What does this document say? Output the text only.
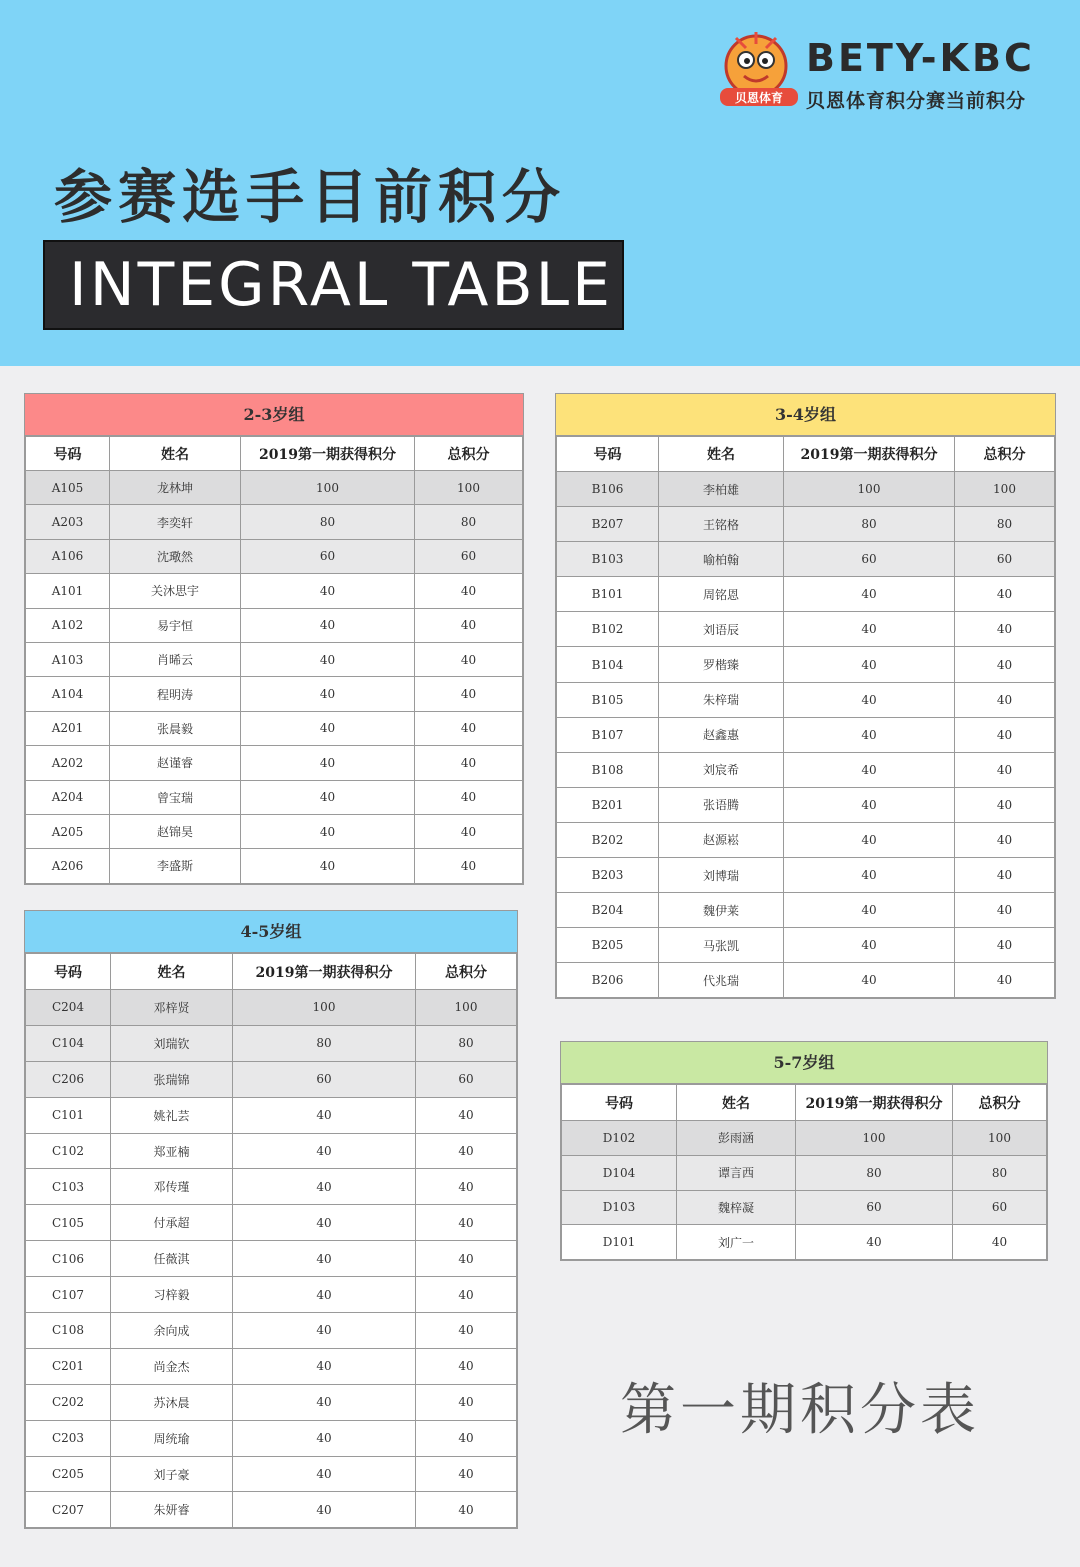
贝恩体育
BETY-KBC
贝恩体育积分赛当前积分
参赛选手目前积分
INTEGRAL TABLE
2-3岁组
号码	姓名	2019第一期获得积分	总积分
A105	龙林坤	100	100
A203	李奕轩	80	80
A106	沈璥然	60	60
A101	关沐思宇	40	40
A102	易宇恒	40	40
A103	肖晞云	40	40
A104	程明涛	40	40
A201	张晨毅	40	40
A202	赵谨睿	40	40
A204	曾宝瑞	40	40
A205	赵锦昊	40	40
A206	李盛斯	40	40
3-4岁组
号码	姓名	2019第一期获得积分	总积分
B106	李柏雄	100	100
B207	王铭格	80	80
B103	喻柏翰	60	60
B101	周铭恩	40	40
B102	刘语辰	40	40
B104	罗楷臻	40	40
B105	朱梓瑞	40	40
B107	赵鑫惠	40	40
B108	刘宸希	40	40
B201	张语腾	40	40
B202	赵源崧	40	40
B203	刘博瑞	40	40
B204	魏伊莱	40	40
B205	马张凯	40	40
B206	代兆瑞	40	40
4-5岁组
号码	姓名	2019第一期获得积分	总积分
C204	邓梓贤	100	100
C104	刘瑞钦	80	80
C206	张瑞锦	60	60
C101	姚礼芸	40	40
C102	郑亚楠	40	40
C103	邓传瑾	40	40
C105	付承超	40	40
C106	任薇淇	40	40
C107	习梓毅	40	40
C108	余向成	40	40
C201	尚金杰	40	40
C202	苏沐晨	40	40
C203	周统瑜	40	40
C205	刘子豪	40	40
C207	朱妍睿	40	40
5-7岁组
号码	姓名	2019第一期获得积分	总积分
D102	彭雨涵	100	100
D104	谭言西	80	80
D103	魏梓凝	60	60
D101	刘广一	40	40
第一期积分表
